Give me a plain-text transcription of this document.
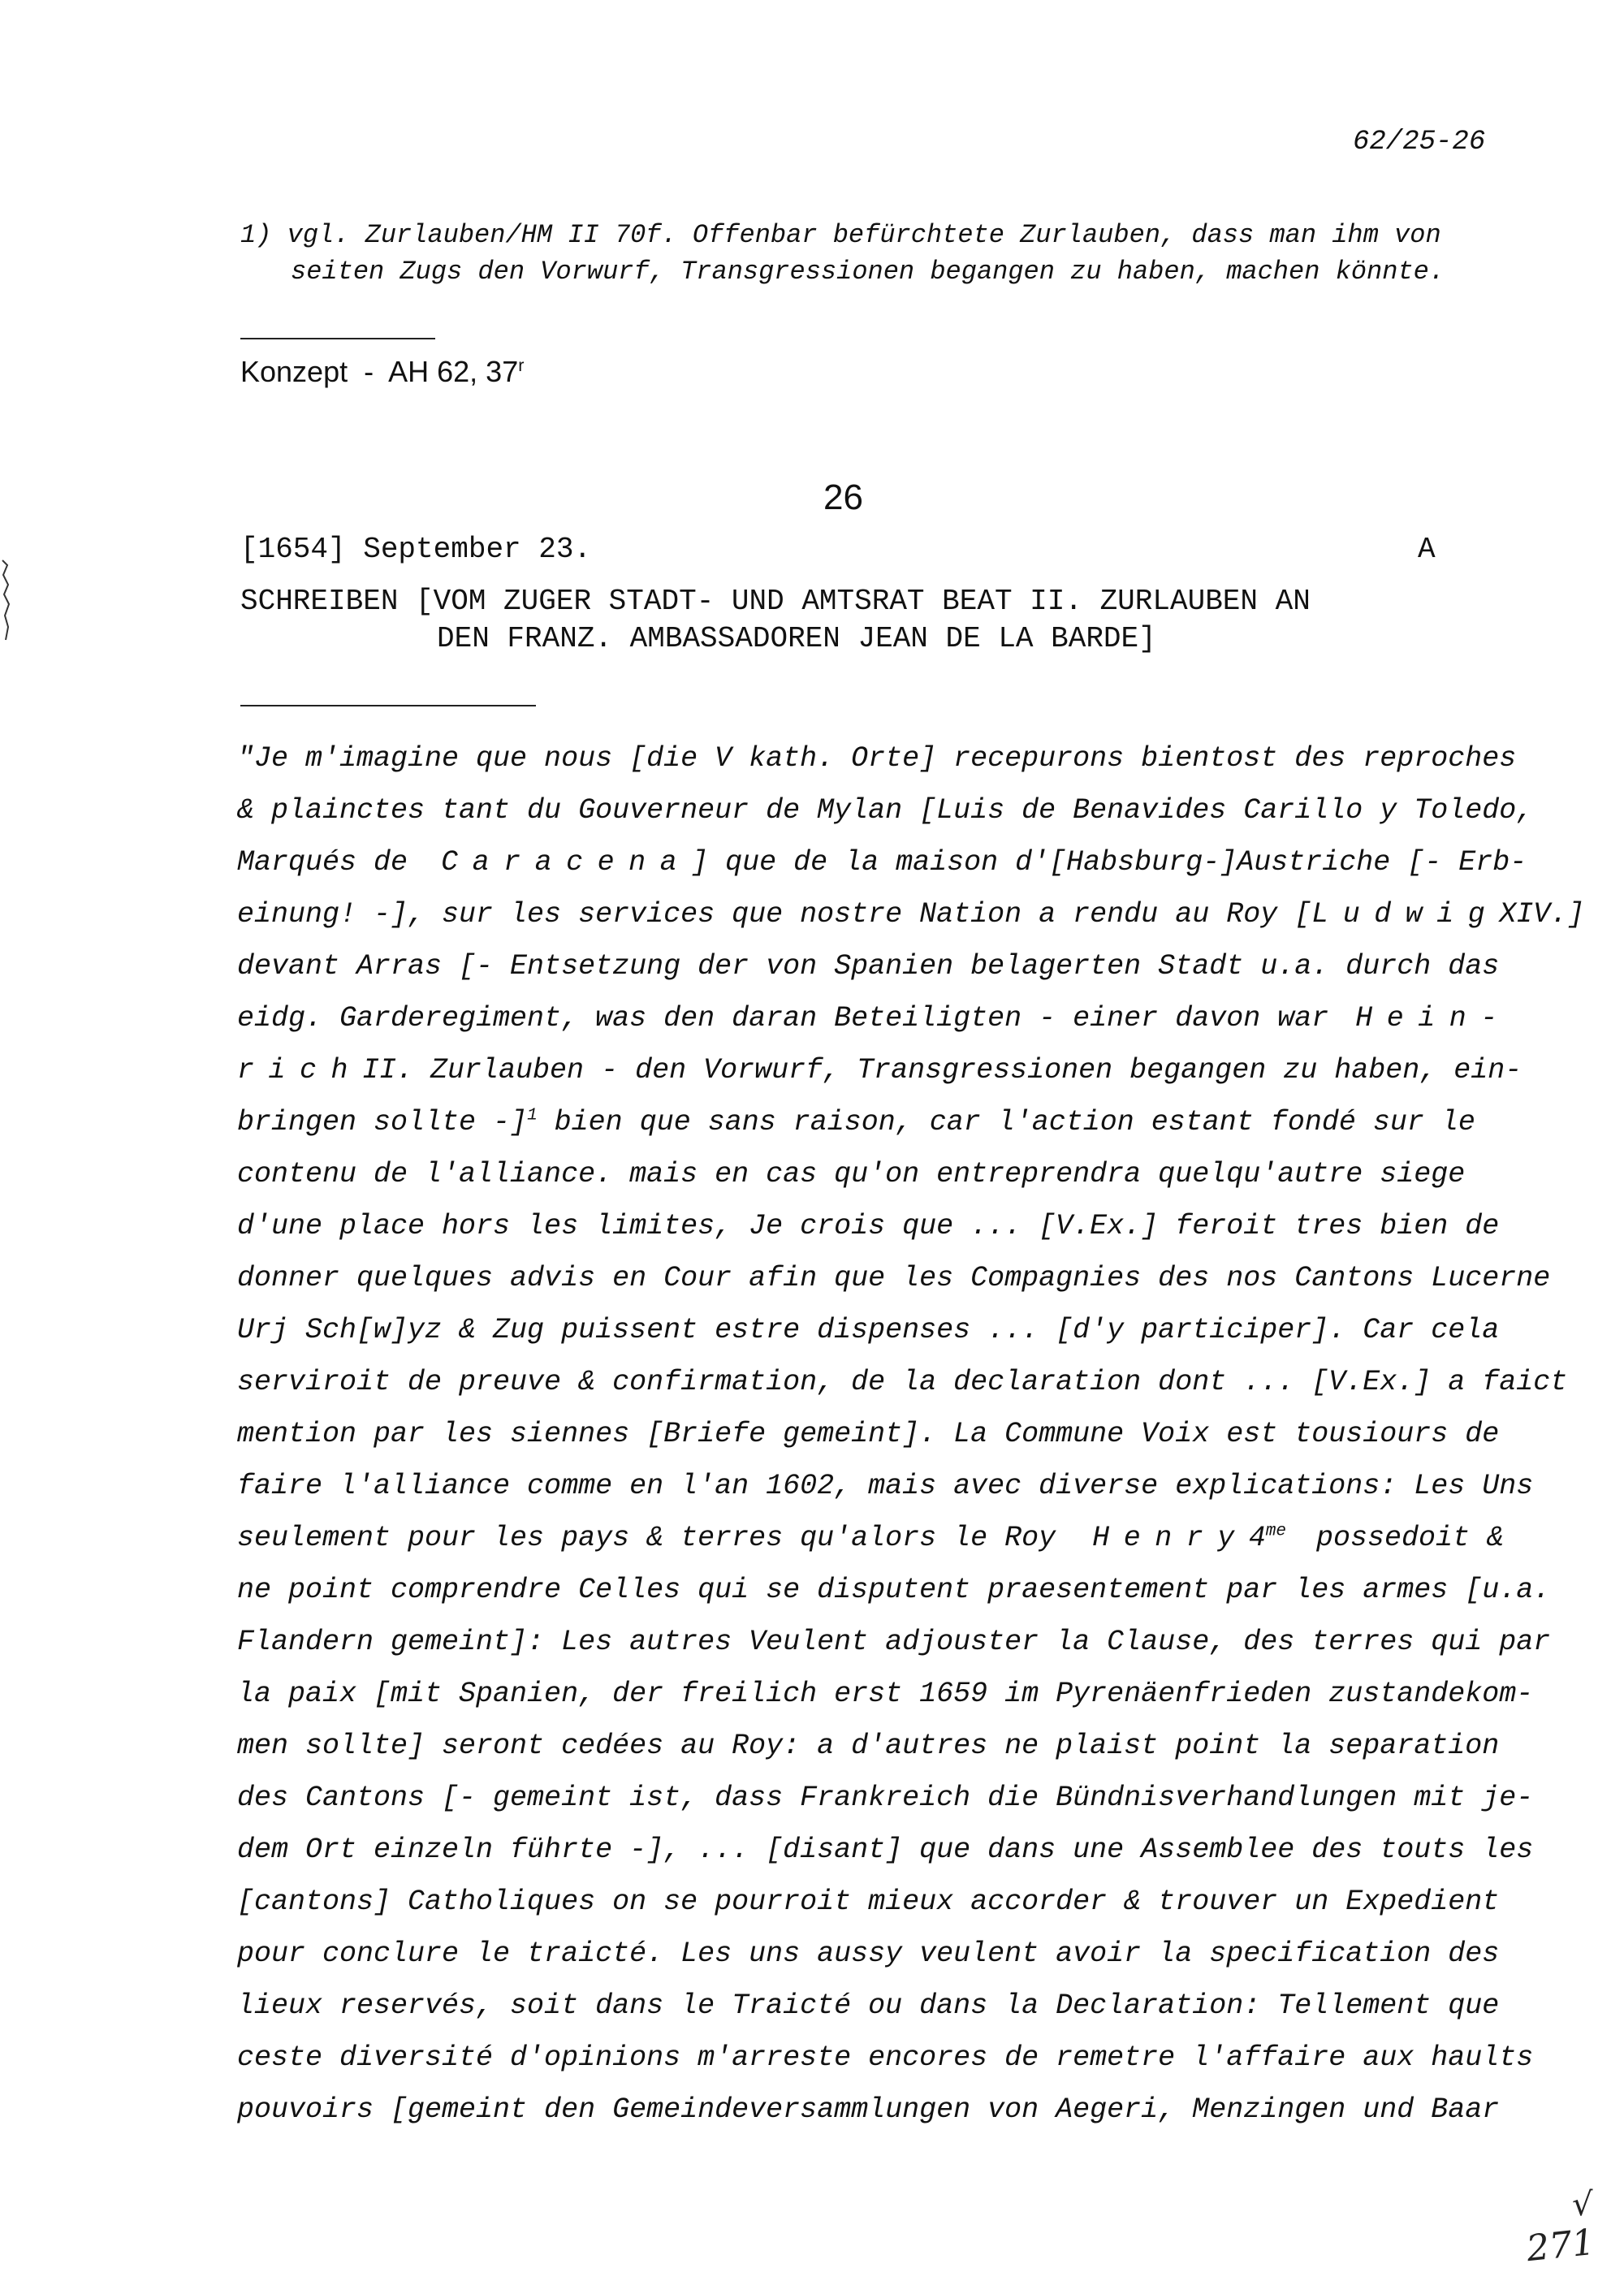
62/25-26
1) vgl. Zurlauben/HM II 70f. Offenbar befürchtete Zurlauben, dass man ihm von
seiten Zugs den Vorwurf, Transgressionen begangen zu haben, machen könnte.
Konzept  -  AH 62, 37$^r$
26
[1654] September 23.	A
SCHREIBEN [VOM ZUGER STADT- UND AMTSRAT BEAT II. ZURLAUBEN AN
DEN FRANZ. AMBASSADOREN JEAN DE LA BARDE]
"Je m'imagine que nous [die V kath. Orte] recepurons bientost des reproches
& plainctes tant du Gouverneur de Mylan [Luis de Benavides Carillo y Toledo,
Marqués de Caracena] que de la maison d'[Habsburg-]Austriche [- Erb-
einung! -], sur les services que nostre Nation a rendu au Roy [LudwigXIV.]
devant Arras [- Entsetzung der von Spanien belagerten Stadt u.a. durch das
eidg. Garderegiment, was den daran Beteiligten - einer davon war Hein-
richII. Zurlauben - den Vorwurf, Transgressionen begangen zu haben, ein-
bringen sollte -]$^1$ bien que sans raison, car l'action estant fondé sur le
contenu de l'alliance. mais en cas qu'on entreprendra quelqu'autre siege
d'une place hors les limites, Je crois que ... [V.Ex.] feroit tres bien de
donner quelques advis en Cour afin que les Compagnies des nos Cantons Lucerne
Urj Sch[w]yz & Zug puissent estre dispenses ... [d'y participer]. Car cela
serviroit de preuve & confirmation, de la declaration dont ... [V.Ex.] a faict
mention par les siennes [Briefe gemeint]. La Commune Voix est tousiours de
faire l'alliance comme en l'an 1602, mais avec diverse explications: Les Uns
seulement pour les pays & terres qu'alors le Roy $Henry4^{me}$ possedoit &
ne point comprendre Celles qui se disputent praesentement par les armes [u.a.
Flandern gemeint]: Les autres Veulent adjouster la Clause, des terres qui par
la paix [mit Spanien, der freilich erst 1659 im Pyrenäenfrieden zustandekom-
men sollte] seront cedées au Roy: a d'autres ne plaist point la separation
des Cantons [- gemeint ist, dass Frankreich die Bündnisverhandlungen mit je-
dem Ort einzeln führte -], ... [disant] que dans une Assemblee des touts les
[cantons] Catholiques on se pourroit mieux accorder & trouver un Expedient
pour conclure le traicté. Les uns aussy veulent avoir la specification des
lieux reservés, soit dans le Traicté ou dans la Declaration: Tellement que
ceste diversité d'opinions m'arreste encores de remetre l'affaire aux haults
pouvoirs [gemeint den Gemeindeversammlungen von Aegeri, Menzingen und Baar
√
271
